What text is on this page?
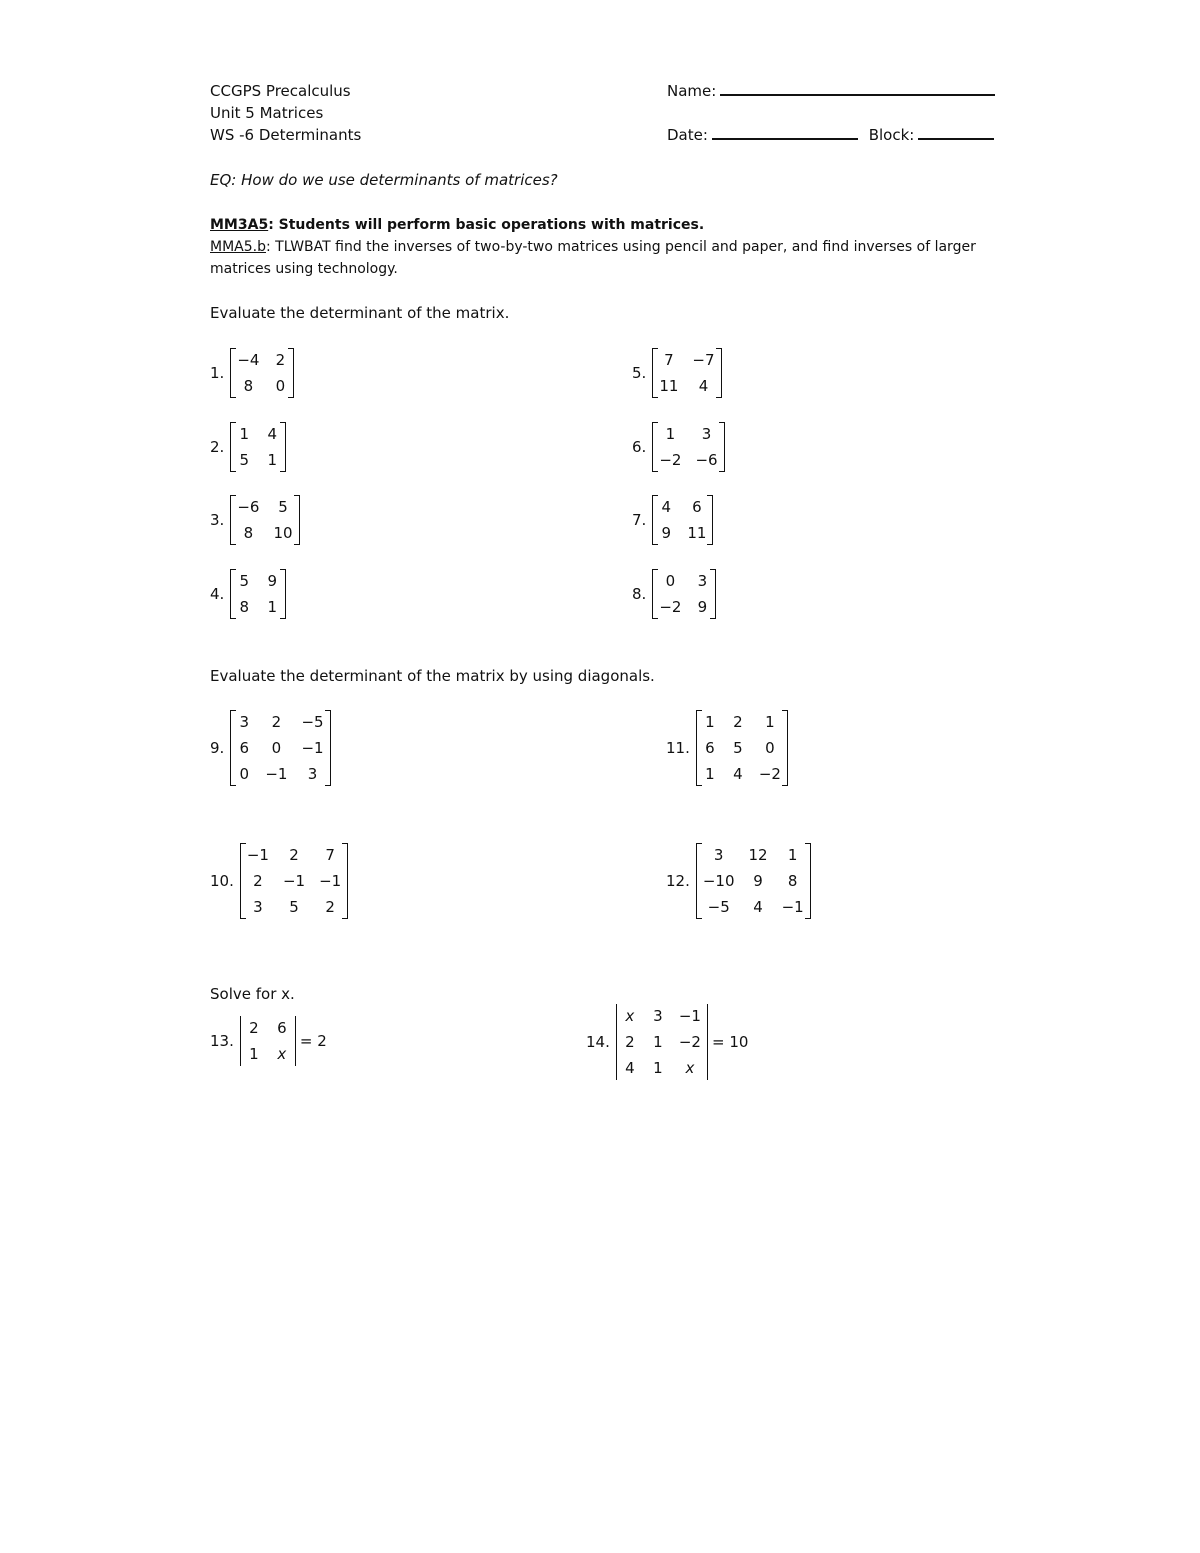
CCGPS Precalculus
Unit 5 Matrices
WS -6 Determinants
Name:
Date:	Block:
EQ: How do we use determinants of matrices?
MM3A5: Students will perform basic operations with matrices.
MMA5.b: TLWBAT find the inverses of two-by-two matrices using pencil and paper, and find inverses of larger matrices using technology.
Evaluate the determinant of the matrix.
1.
−4 2
8	0
2.
1 4
5 1
3.
−6	5
8	10
4.
5 9
8 1
5.
7	−7
11	4
6.
1	3
−2 −6
7.
4	6
9 11
8.
0	3
−2 9
Evaluate the determinant of the matrix by using diagonals.
9.
3	2	−5
6	0	−1
0 −1	3
10.
−1	2	7
2	−1 −1
3	5	2
11.
1 2	1
6 5	0
1 4 −2
12.
3	12	1
−10	9	8
−5	4	−1
Solve for x.
13.
2 6
1 x
= 2	14.
x 3 −1
2 1 −2
4 1	x
= 10
